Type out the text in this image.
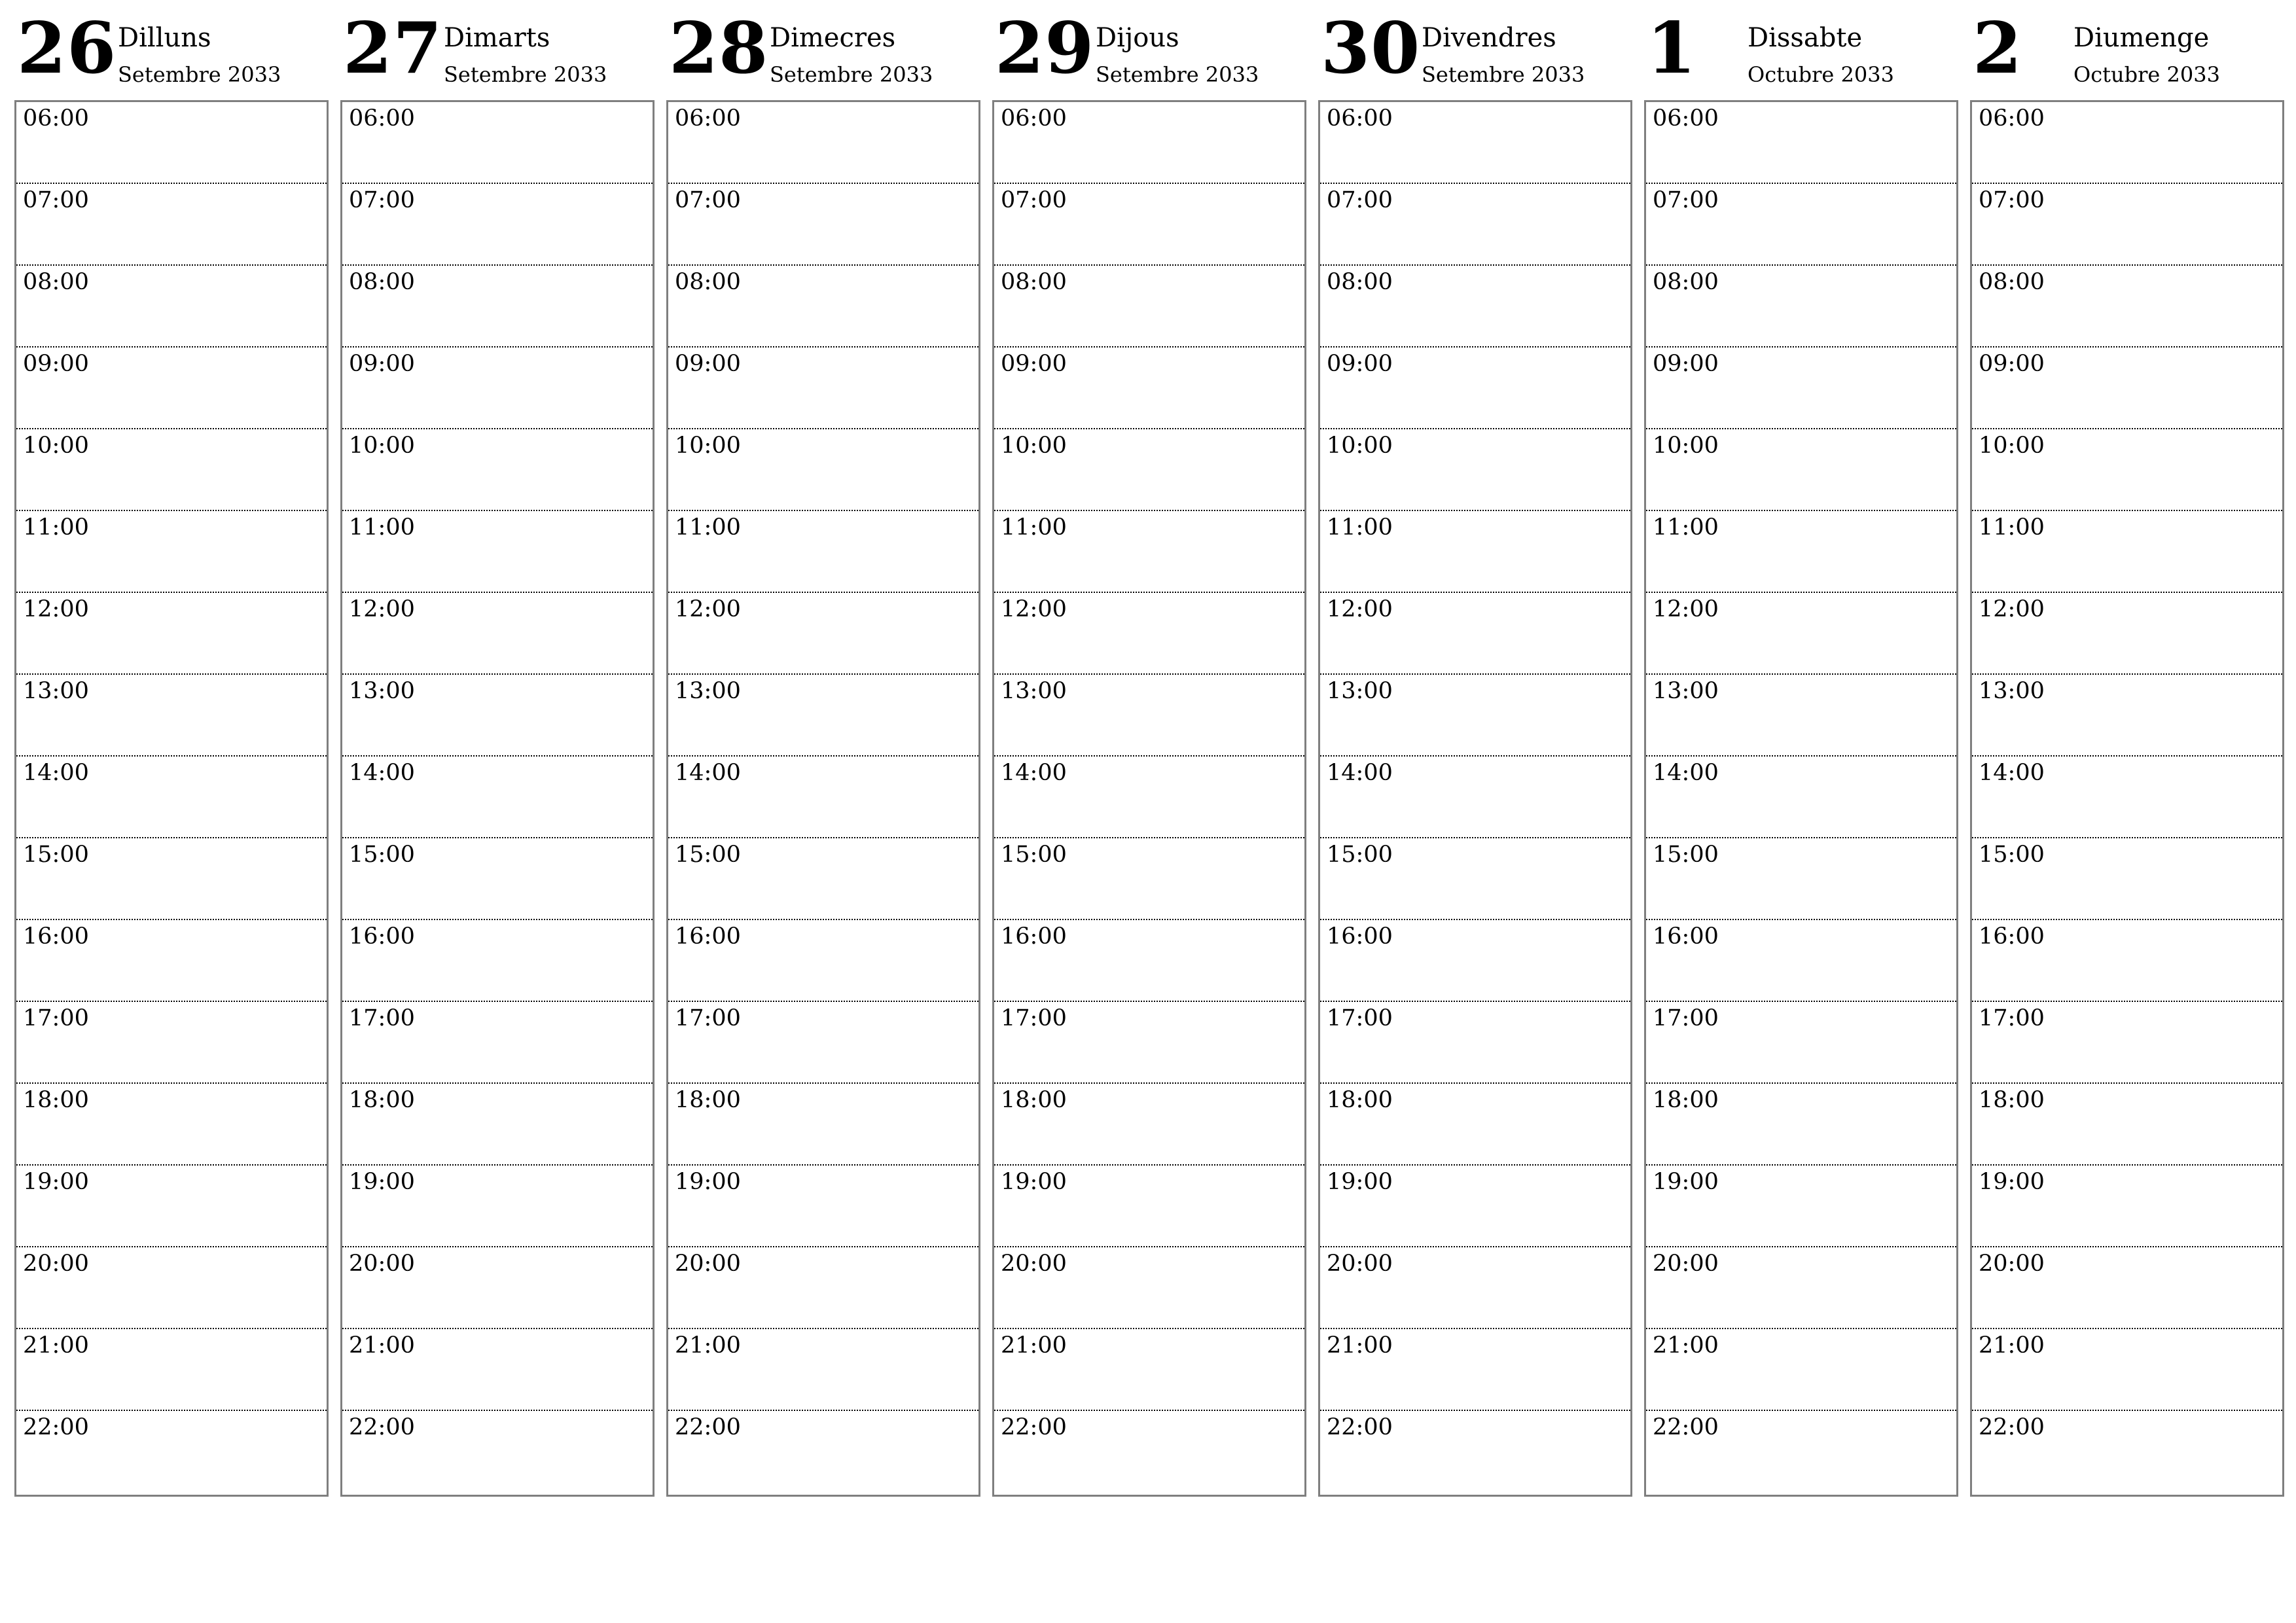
26 Dilluns
Setembre 2033
06:00
07:00
08:00
09:00
10:00
11:00
12:00
13:00
14:00
15:00
16:00
17:00
18:00
19:00
20:00
21:00
22:00
27 Dimarts
Setembre 2033
06:00
07:00
08:00
09:00
10:00
11:00
12:00
13:00
14:00
15:00
16:00
17:00
18:00
19:00
20:00
21:00
22:00
28 Dimecres
Setembre 2033
06:00
07:00
08:00
09:00
10:00
11:00
12:00
13:00
14:00
15:00
16:00
17:00
18:00
19:00
20:00
21:00
22:00
29 Dijous
Setembre 2033
06:00
07:00
08:00
09:00
10:00
11:00
12:00
13:00
14:00
15:00
16:00
17:00
18:00
19:00
20:00
21:00
22:00
30 Divendres
Setembre 2033
06:00
07:00
08:00
09:00
10:00
11:00
12:00
13:00
14:00
15:00
16:00
17:00
18:00
19:00
20:00
21:00
22:00
1 Dissabte
Octubre 2033
06:00
07:00
08:00
09:00
10:00
11:00
12:00
13:00
14:00
15:00
16:00
17:00
18:00
19:00
20:00
21:00
22:00
2 Diumenge
Octubre 2033
06:00
07:00
08:00
09:00
10:00
11:00
12:00
13:00
14:00
15:00
16:00
17:00
18:00
19:00
20:00
21:00
22:00
